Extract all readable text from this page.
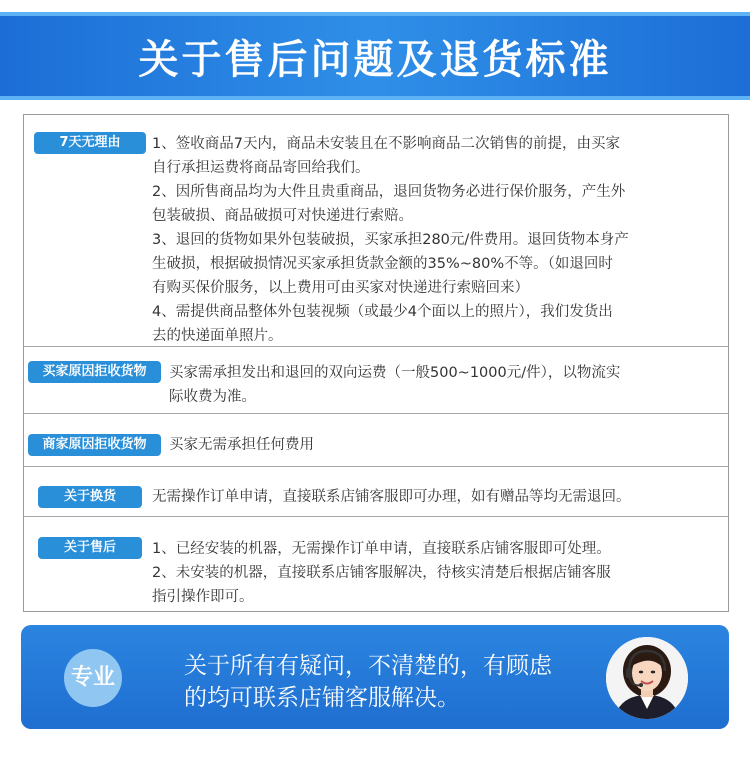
关于售后问题及退货标准
7天无理由	1、签收商品7天内，商品未安装且在不影响商品二次销售的前提，由买家
自行承担运费将商品寄回给我们。
2、因所售商品均为大件且贵重商品，退回货物务必进行保价服务，产生外
包装破损、商品破损可对快递进行索赔。
3、退回的货物如果外包装破损，买家承担280元/件费用。退回货物本身产
生破损，根据破损情况买家承担货款金额的35%~80%不等。（如退回时
有购买保价服务，以上费用可由买家对快递进行索赔回来）
4、需提供商品整体外包装视频（或最少4个面以上的照片），我们发货出
去的快递面单照片。
买家原因拒收货物	买家需承担发出和退回的双向运费（一般500~1000元/件），以物流实
际收费为准。
商家原因拒收货物	买家无需承担任何费用
关于换货	无需操作订单申请，直接联系店铺客服即可办理，如有赠品等均无需退回。
关于售后	1、已经安装的机器，无需操作订单申请，直接联系店铺客服即可处理。
2、未安装的机器，直接联系店铺客服解决，待核实清楚后根据店铺客服
指引操作即可。
专业	关于所有有疑问，不清楚的，有顾虑
的均可联系店铺客服解决。
